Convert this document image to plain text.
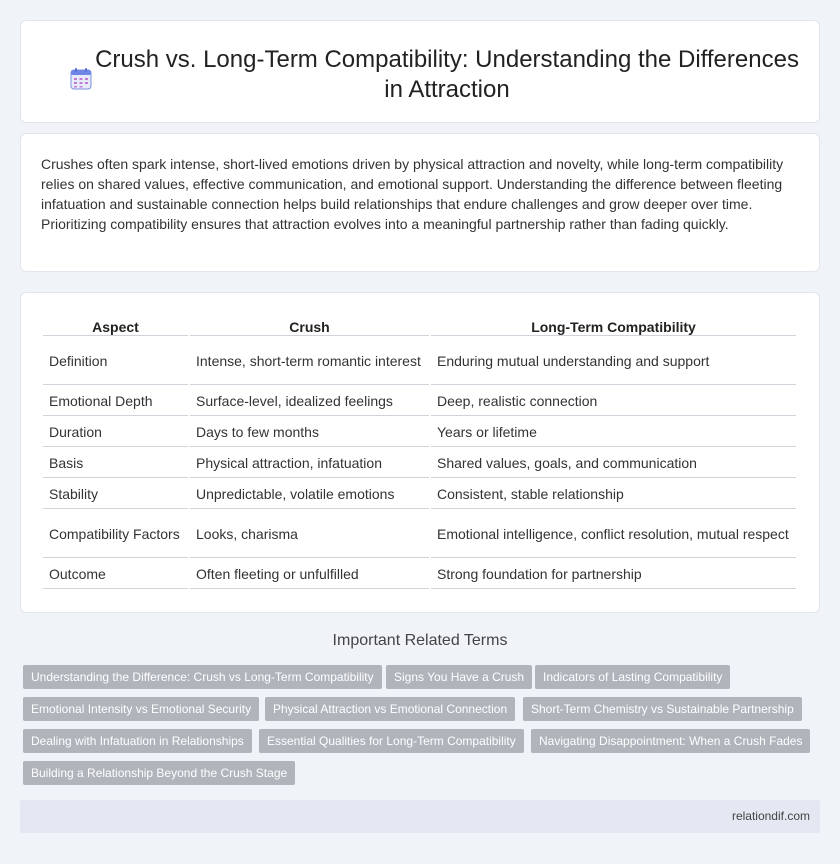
Crush vs. Long-Term Compatibility: Understanding the Differences in Attraction

Crushes often spark intense, short-lived emotions driven by physical attraction and novelty, while long-term compatibility relies on shared values, effective communication, and emotional support. Understanding the difference between fleeting infatuation and sustainable connection helps build relationships that endure challenges and grow deeper over time. Prioritizing compatibility ensures that attraction evolves into a meaningful partnership rather than fading quickly.

Aspect	Crush	Long-Term Compatibility
Definition	Intense, short-term romantic interest	Enduring mutual understanding and support
Emotional Depth	Surface-level, idealized feelings	Deep, realistic connection
Duration	Days to few months	Years or lifetime
Basis	Physical attraction, infatuation	Shared values, goals, and communication
Stability	Unpredictable, volatile emotions	Consistent, stable relationship
Compatibility Factors	Looks, charisma	Emotional intelligence, conflict resolution, mutual respect
Outcome	Often fleeting or unfulfilled	Strong foundation for partnership
Important Related Terms
Understanding the Difference: Crush vs Long-Term Compatibility	Signs You Have a Crush	Indicators of Lasting Compatibility
Emotional Intensity vs Emotional Security	Physical Attraction vs Emotional Connection	Short-Term Chemistry vs Sustainable Partnership
Dealing with Infatuation in Relationships	Essential Qualities for Long-Term Compatibility	Navigating Disappointment: When a Crush Fades
Building a Relationship Beyond the Crush Stage
relationdif.com
